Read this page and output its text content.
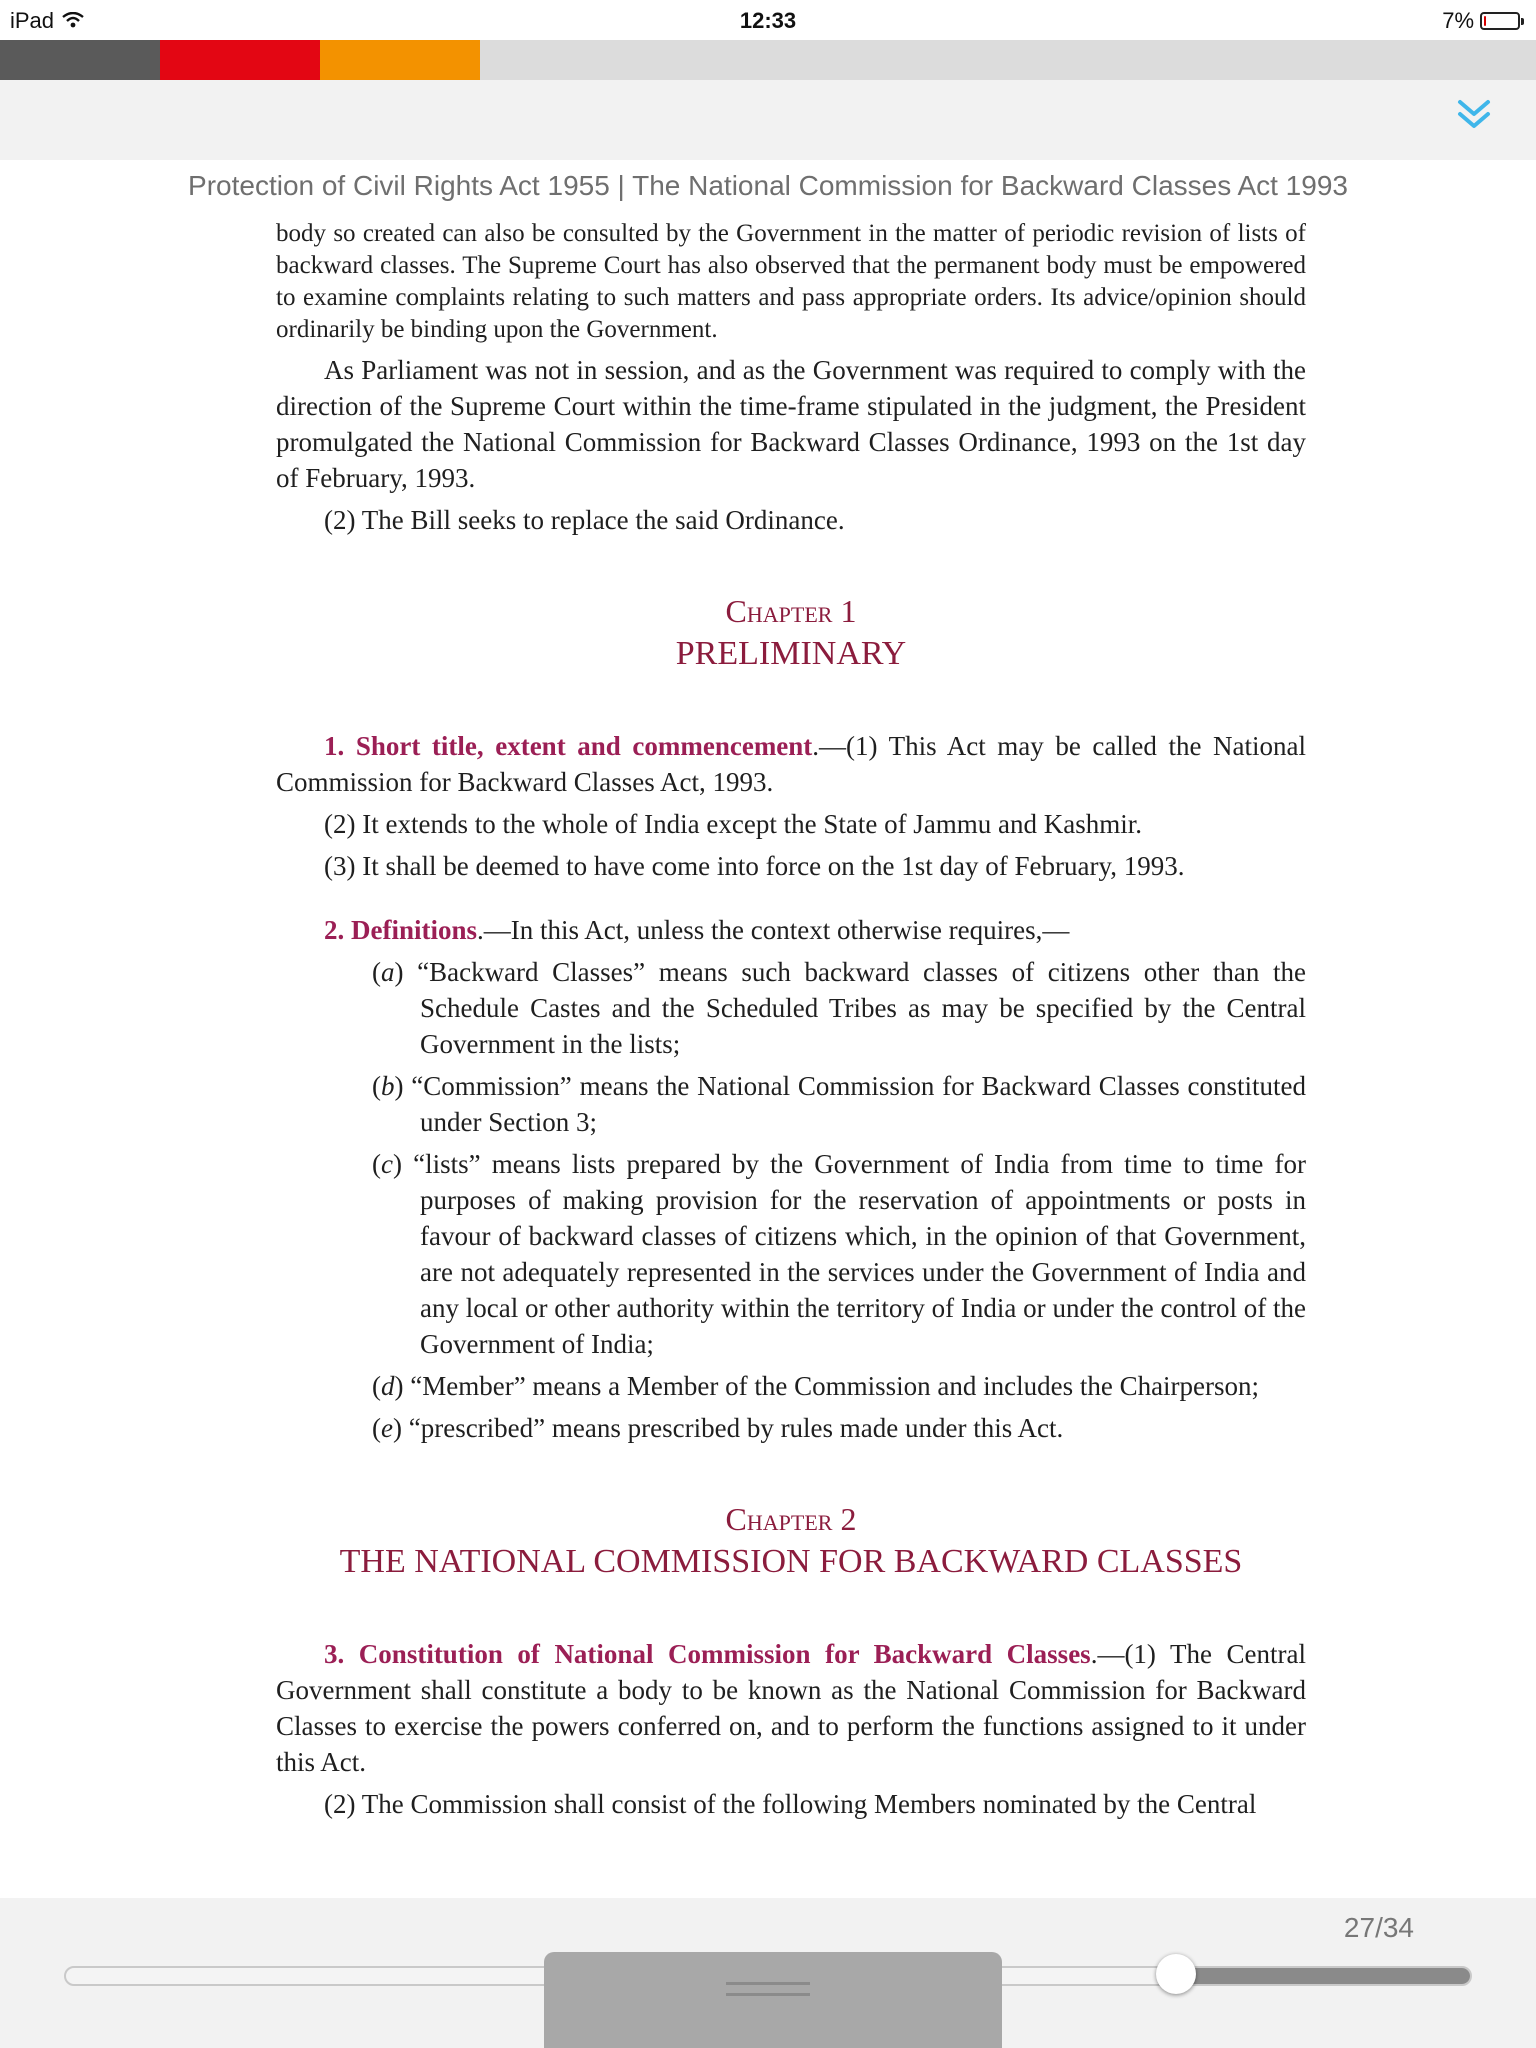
iPad	12:33	7%
Protection of Civil Rights Act 1955 | The National Commission for Backward Classes Act 1993

body so created can also be consulted by the Government in the matter of periodic revision of lists of backward classes. The Supreme Court has also observed that the permanent body must be empowered to examine complaints relating to such matters and pass appropriate orders. Its advice/opinion should ordinarily be binding upon the Government.

As Parliament was not in session, and as the Government was required to comply with the direction of the Supreme Court within the time-frame stipulated in the judgment, the President promulgated the National Commission for Backward Classes Ordinance, 1993 on the 1st day of February, 1993.

(2) The Bill seeks to replace the said Ordinance.

Chapter 1
PRELIMINARY

1. Short title, extent and commencement.—(1) This Act may be called the National Commission for Backward Classes Act, 1993.

(2) It extends to the whole of India except the State of Jammu and Kashmir.

(3) It shall be deemed to have come into force on the 1st day of February, 1993.

2. Definitions.—In this Act, unless the context otherwise requires,—

(a) “Backward Classes” means such backward classes of citizens other than the Schedule Castes and the Scheduled Tribes as may be specified by the Central Government in the lists;

(b) “Commission” means the National Commission for Backward Classes constituted under Section 3;

(c) “lists” means lists prepared by the Government of India from time to time for purposes of making provision for the reservation of appointments or posts in favour of backward classes of citizens which, in the opinion of that Government, are not adequately represented in the services under the Government of India and any local or other authority within the territory of India or under the control of the Government of India;

(d) “Member” means a Member of the Commission and includes the Chairperson;

(e) “prescribed” means prescribed by rules made under this Act.

Chapter 2
THE NATIONAL COMMISSION FOR BACKWARD CLASSES

3. Constitution of National Commission for Backward Classes.—(1) The Central Government shall constitute a body to be known as the National Commission for Backward Classes to exercise the powers conferred on, and to perform the functions assigned to it under this Act.

(2) The Commission shall consist of the following Members nominated by the Central

27/34
